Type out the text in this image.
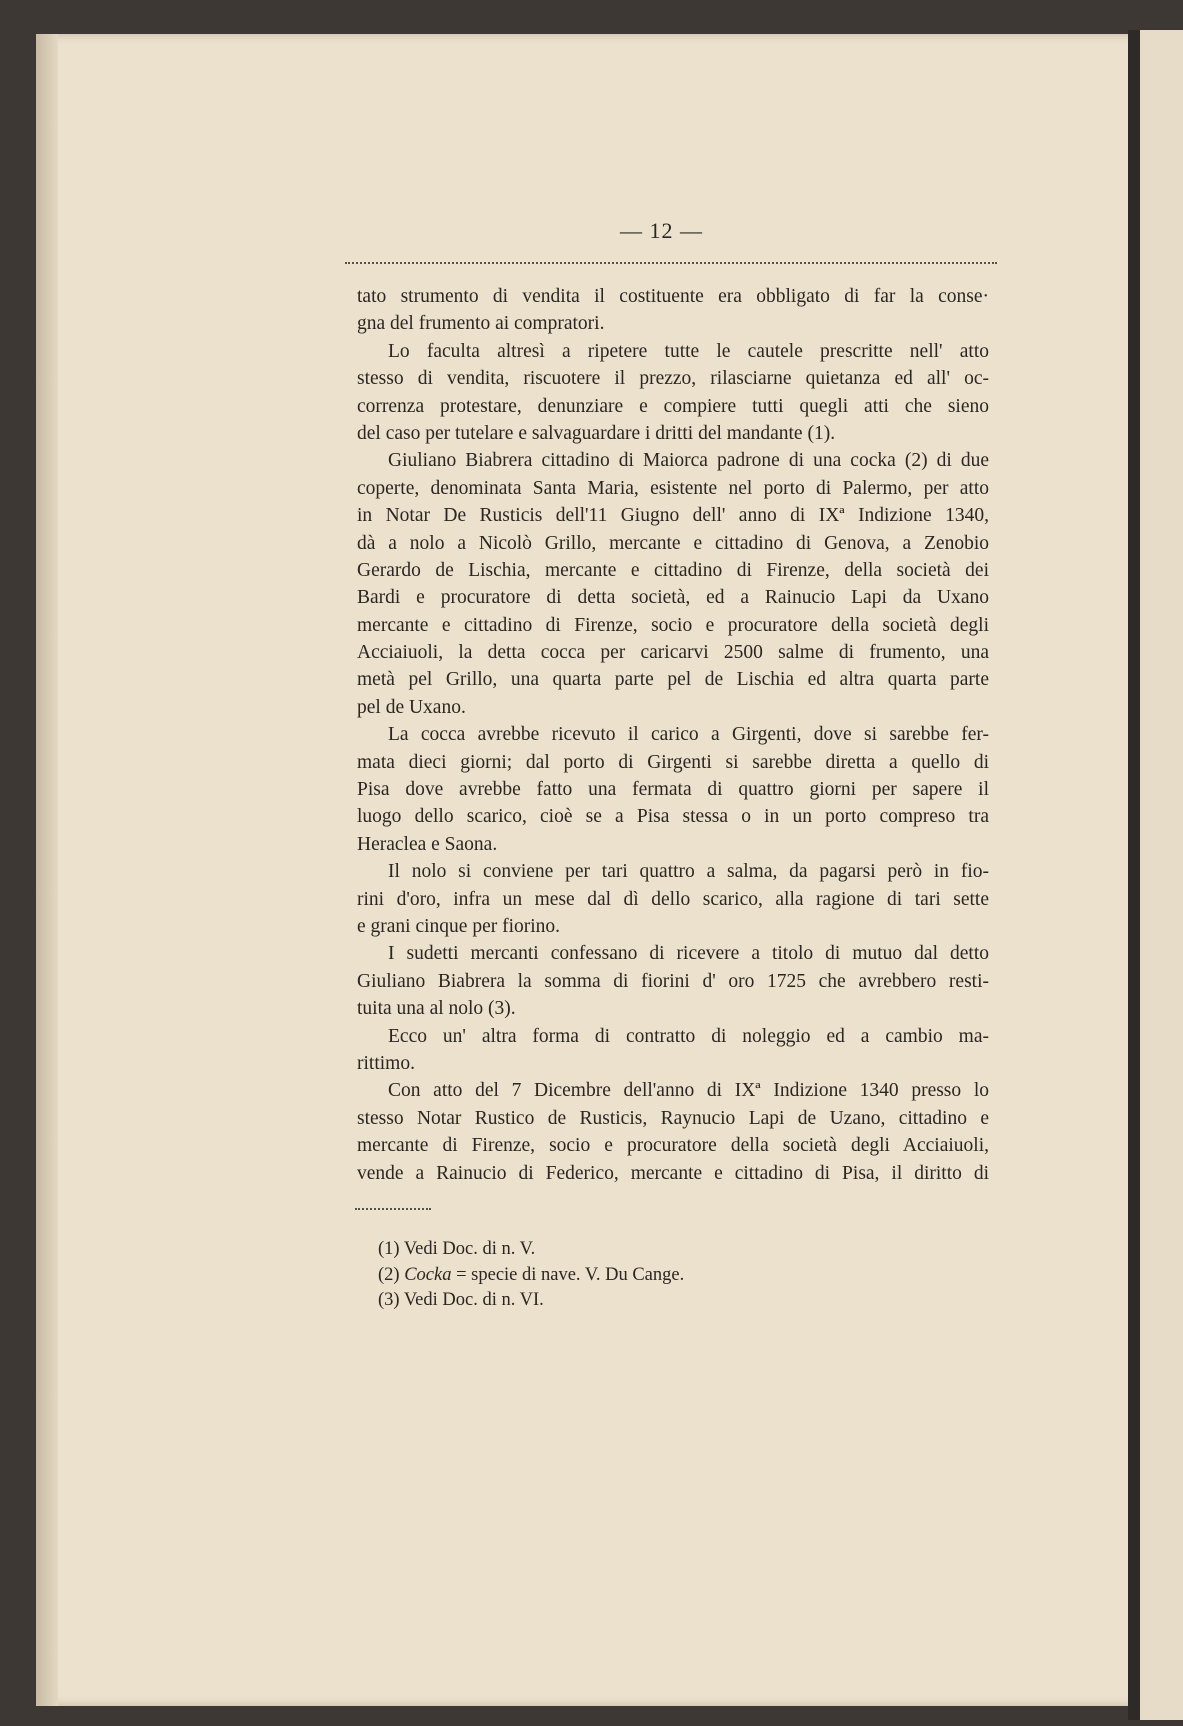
— 12 —
tato strumento di vendita il costituente era obbligato di far la conse·
gna del frumento ai compratori.
Lo faculta altresì a ripetere tutte le cautele prescritte nell' atto
stesso di vendita, riscuotere il prezzo, rilasciarne quietanza ed all' oc-
correnza protestare, denunziare e compiere tutti quegli atti che sieno
del caso per tutelare e salvaguardare i dritti del mandante (1).
Giuliano Biabrera cittadino di Maiorca padrone di una cocka (2) di due
coperte, denominata Santa Maria, esistente nel porto di Palermo, per atto
in Notar De Rusticis dell'11 Giugno dell' anno di IXª Indizione 1340,
dà a nolo a Nicolò Grillo, mercante e cittadino di Genova, a Zenobio
Gerardo de Lischia, mercante e cittadino di Firenze, della società dei
Bardi e procuratore di detta società, ed a Rainucio Lapi da Uxano
mercante e cittadino di Firenze, socio e procuratore della società degli
Acciaiuoli, la detta cocca per caricarvi 2500 salme di frumento, una
metà pel Grillo, una quarta parte pel de Lischia ed altra quarta parte
pel de Uxano.
La cocca avrebbe ricevuto il carico a Girgenti, dove si sarebbe fer-
mata dieci giorni; dal porto di Girgenti si sarebbe diretta a quello di
Pisa dove avrebbe fatto una fermata di quattro giorni per sapere il
luogo dello scarico, cioè se a Pisa stessa o in un porto compreso tra
Heraclea e Saona.
Il nolo si conviene per tari quattro a salma, da pagarsi però in fio-
rini d'oro, infra un mese dal dì dello scarico, alla ragione di tari sette
e grani cinque per fiorino.
I sudetti mercanti confessano di ricevere a titolo di mutuo dal detto
Giuliano Biabrera la somma di fiorini d' oro 1725 che avrebbero resti-
tuita una al nolo (3).
Ecco un' altra forma di contratto di noleggio ed a cambio ma-
rittimo.
Con atto del 7 Dicembre dell'anno di IXª Indizione 1340 presso lo
stesso Notar Rustico de Rusticis, Raynucio Lapi de Uzano, cittadino e
mercante di Firenze, socio e procuratore della società degli Acciaiuoli,
vende a Rainucio di Federico, mercante e cittadino di Pisa, il diritto di
(1) Vedi Doc. di n. V.
(2) Cocka = specie di nave. V. Du Cange.
(3) Vedi Doc. di n. VI.
